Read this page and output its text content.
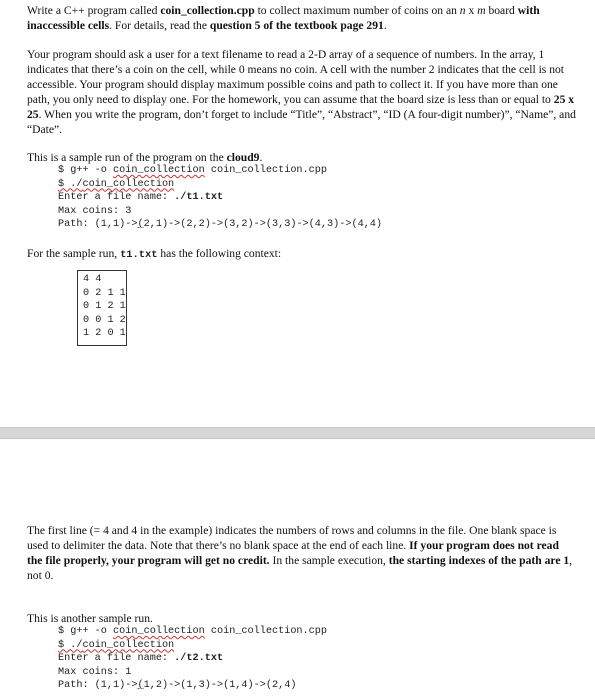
Write a C++ program called coin_collection.cpp to collect maximum number of coins on an n x m board with inaccessible cells. For details, read the question 5 of the textbook page 291.
Your program should ask a user for a text filename to read a 2-D array of a sequence of numbers. In the array, 1 indicates that there’s a coin on the cell, while 0 means no coin. A cell with the number 2 indicates that the cell is not accessible. Your program should display maximum possible coins and path to collect it. If you have more than one path, you only need to display one. For the homework, you can assume that the board size is less than or equal to 25 x 25. When you write the program, don’t forget to include “Title”, “Abstract”, “ID (A four-digit number)”, “Name”, and “Date”.
This is a sample run of the program on the cloud9.
$ g++ -o coin_collection coin_collection.cpp
$ ./coin_collection
Enter a file name: ./t1.txt
Max coins: 3
Path: (1,1)->(2,1)->(2,2)->(3,2)->(3,3)->(4,3)->(4,4)
For the sample run, t1.txt has the following context:
4 4
0 2 1 1
0 1 2 1
0 0 1 2
1 2 0 1
The first line (= 4 and 4 in the example) indicates the numbers of rows and columns in the file. One blank space is used to delimiter the data. Note that there’s no blank space at the end of each line. If your program does not read the file properly, your program will get no credit. In the sample execution, the starting indexes of the path are 1, not 0.
This is another sample run.
$ g++ -o coin_collection coin_collection.cpp
$ ./coin_collection
Enter a file name: ./t2.txt
Max coins: 1
Path: (1,1)->(1,2)->(1,3)->(1,4)->(2,4)
